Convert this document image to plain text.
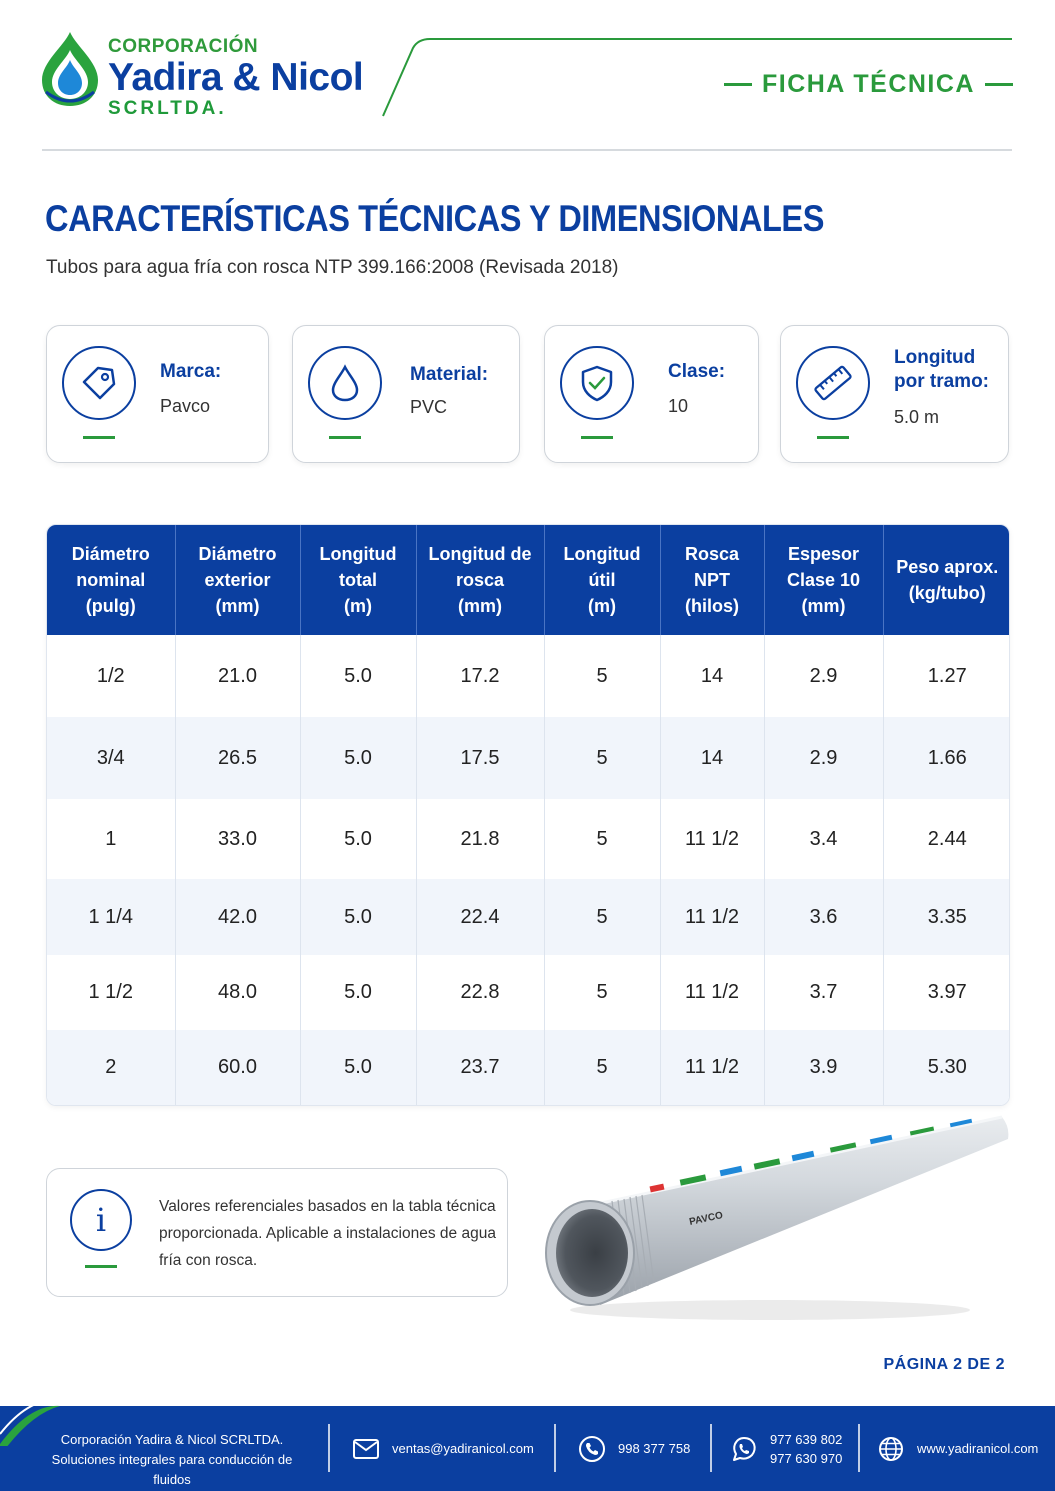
CORPORACIÓN
Yadira & Nicol
SCRLTDA.
FICHA TÉCNICA
CARACTERÍSTICAS TÉCNICAS Y DIMENSIONALES
Tubos para agua fría con rosca NTP 399.166:2008 (Revisada 2018)
Marca:
Pavco
Material:
PVC
Clase:
10
Longitud
por tramo:
5.0 m
Diámetro
nominal
(pulg)	Diámetro
exterior
(mm)	Longitud
total
(m)	Longitud de
rosca
(mm)	Longitud
útil
(m)	Rosca
NPT
(hilos)	Espesor
Clase 10
(mm)	Peso aprox.
(kg/tubo)
1/2	21.0	5.0	17.2	5	14	2.9	1.27
3/4	26.5	5.0	17.5	5	14	2.9	1.66
1	33.0	5.0	21.8	5	11 1/2	3.4	2.44
1 1/4	42.0	5.0	22.4	5	11 1/2	3.6	3.35
1 1/2	48.0	5.0	22.8	5	11 1/2	3.7	3.97
2	60.0	5.0	23.7	5	11 1/2	3.9	5.30
i	Valores referenciales basados en la tabla técnica proporcionada. Aplicable a instalaciones de agua fría con rosca.
PAVCO
PÁGINA 2 DE 2
Corporación Yadira & Nicol SCRLTDA.
Soluciones integrales para conducción de fluidos
ventas@yadiranicol.com	998 377 758
977 639 802
977 630 970
www.yadiranicol.com
